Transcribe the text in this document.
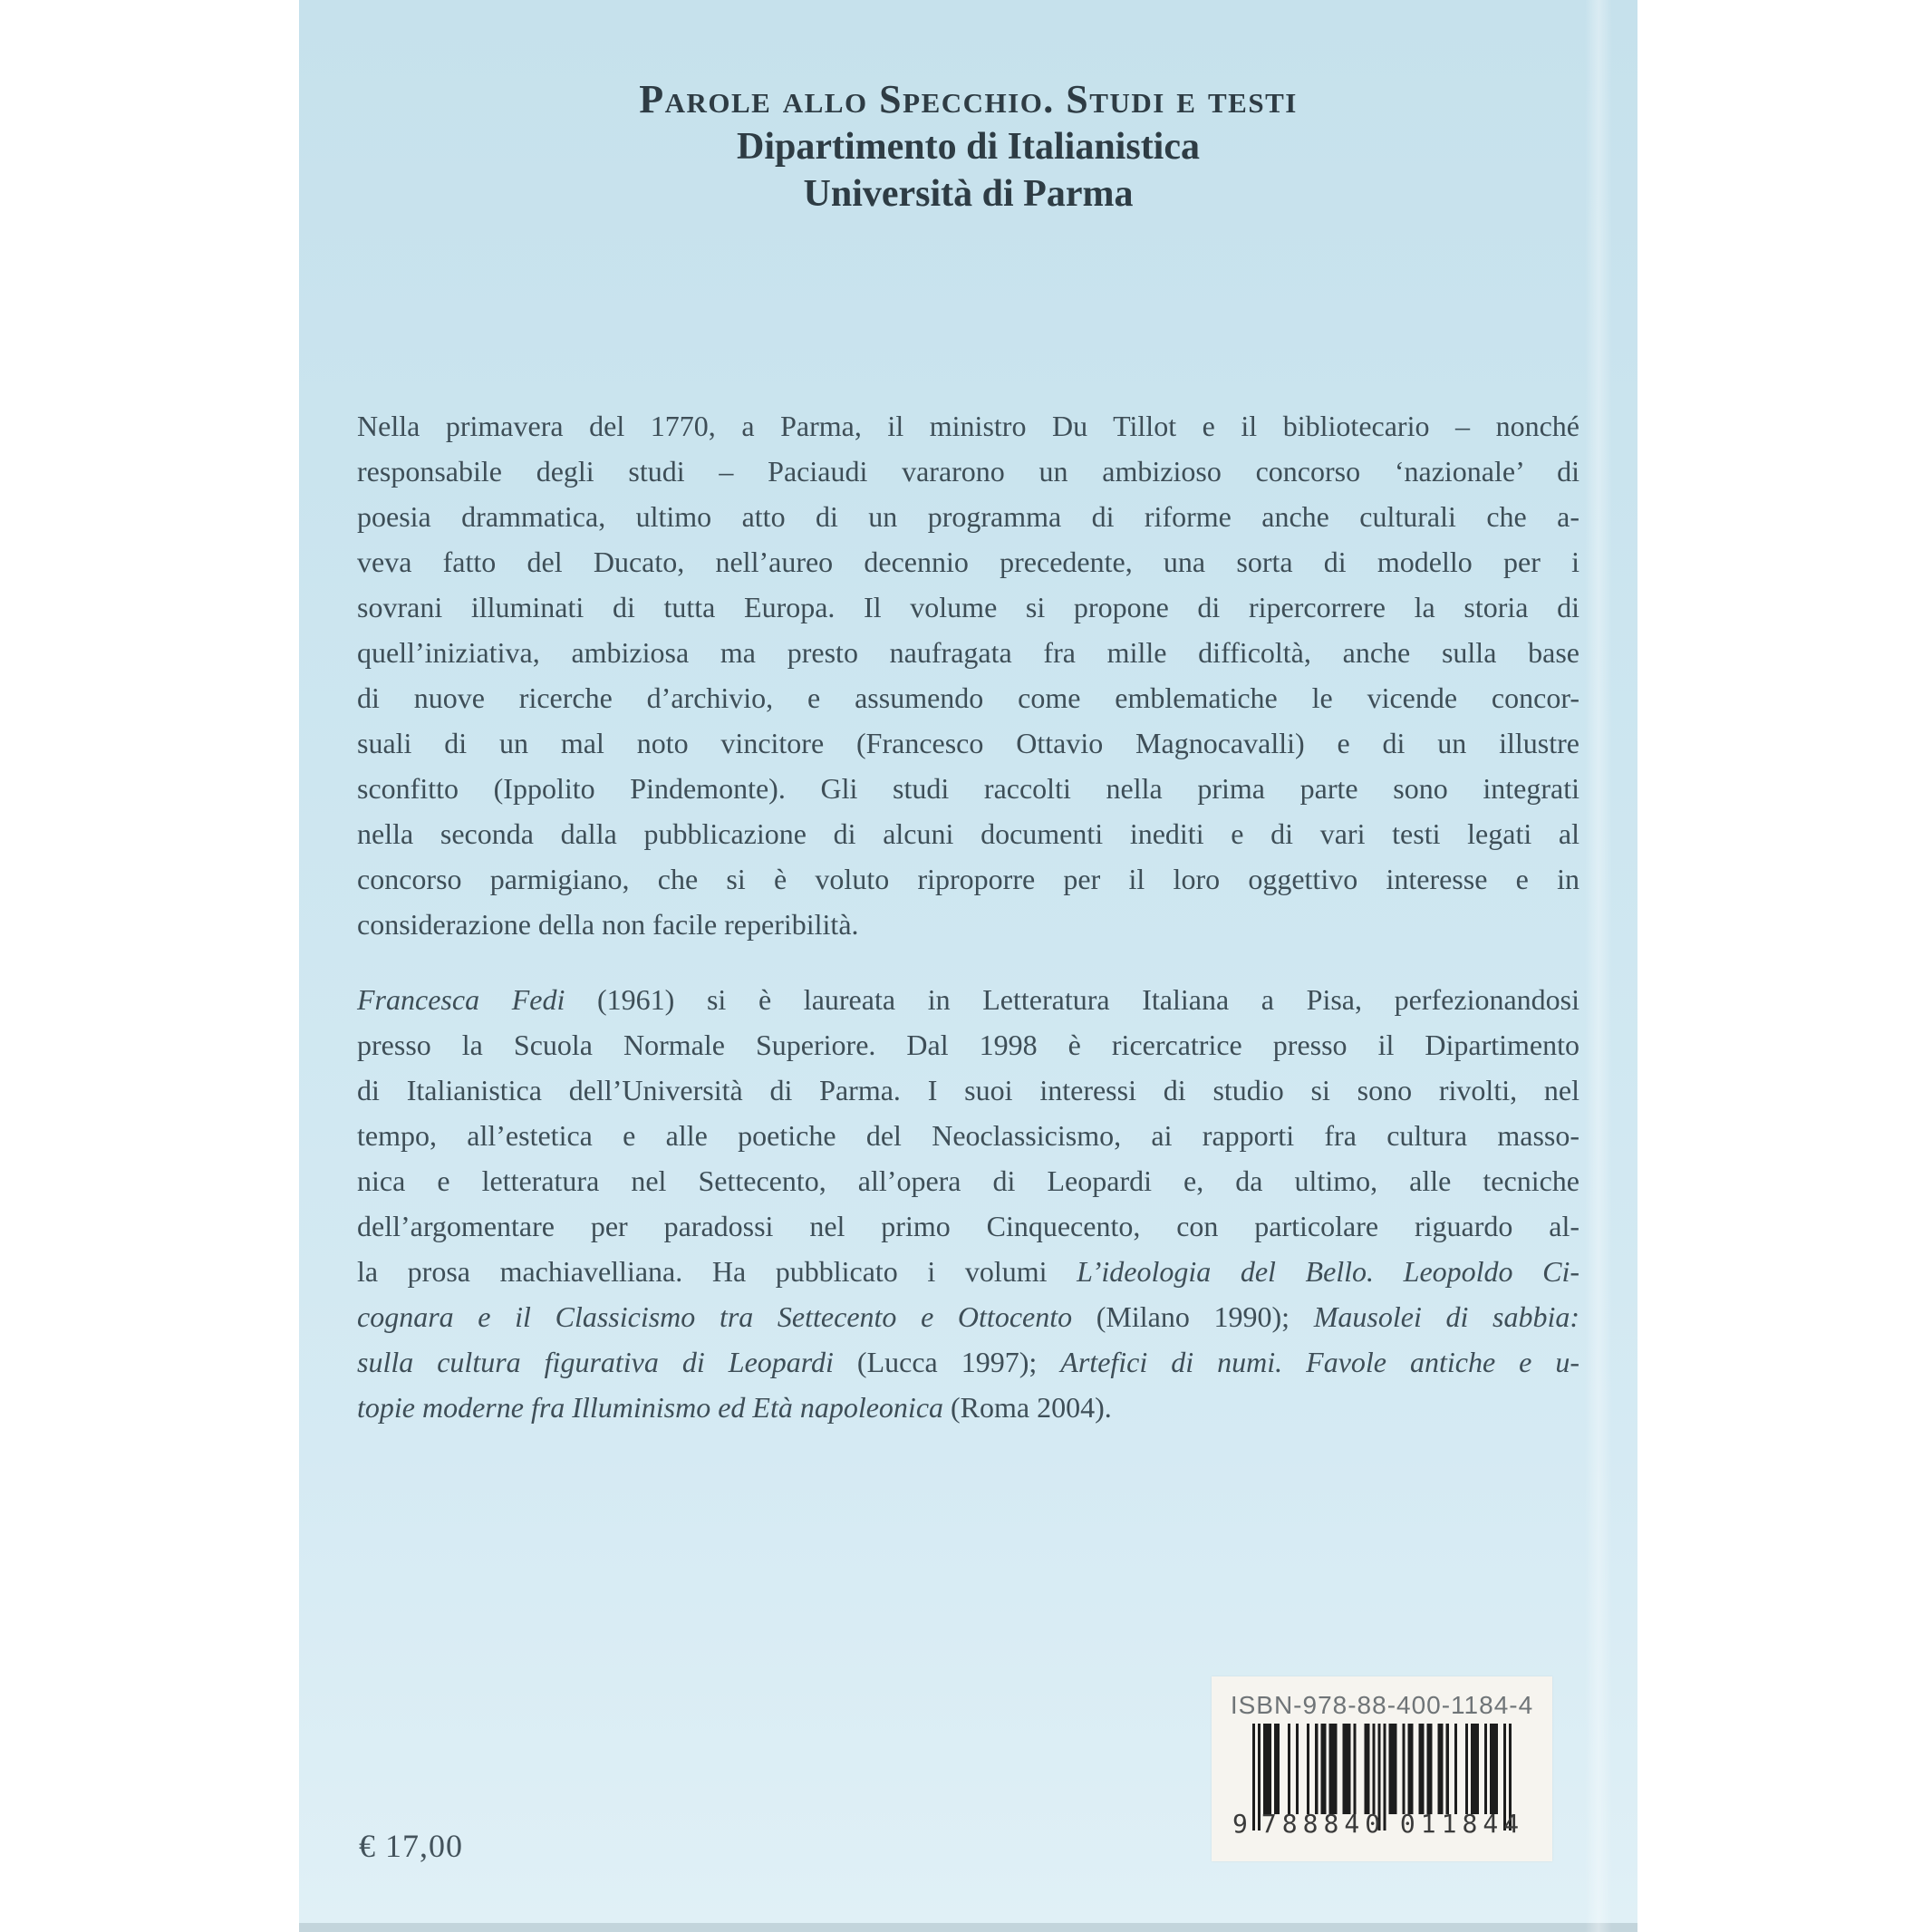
Parole allo Specchio. Studi e testi
Dipartimento di Italianistica
Università di Parma
Nella primavera del 1770, a Parma, il ministro Du Tillot e il bibliotecario – nonché
responsabile degli studi – Paciaudi vararono un ambizioso concorso ‘nazionale’ di
poesia drammatica, ultimo atto di un programma di riforme anche culturali che a-
veva fatto del Ducato, nell’aureo decennio precedente, una sorta di modello per i
sovrani illuminati di tutta Europa. Il volume si propone di ripercorrere la storia di
quell’iniziativa, ambiziosa ma presto naufragata fra mille difficoltà, anche sulla base
di nuove ricerche d’archivio, e assumendo come emblematiche le vicende concor-
suali di un mal noto vincitore (Francesco Ottavio Magnocavalli) e di un illustre
sconfitto (Ippolito Pindemonte). Gli studi raccolti nella prima parte sono integrati
nella seconda dalla pubblicazione di alcuni documenti inediti e di vari testi legati al
concorso parmigiano, che si è voluto riproporre per il loro oggettivo interesse e in
considerazione della non facile reperibilità.
Francesca Fedi (1961) si è laureata in Letteratura Italiana a Pisa, perfezionandosi
presso la Scuola Normale Superiore. Dal 1998 è ricercatrice presso il Dipartimento
di Italianistica dell’Università di Parma. I suoi interessi di studio si sono rivolti, nel
tempo, all’estetica e alle poetiche del Neoclassicismo, ai rapporti fra cultura masso-
nica e letteratura nel Settecento, all’opera di Leopardi e, da ultimo, alle tecniche
dell’argomentare per paradossi nel primo Cinquecento, con particolare riguardo al-
la prosa machiavelliana. Ha pubblicato i volumi L’ideologia del Bello. Leopoldo Ci-
cognara e il Classicismo tra Settecento e Ottocento (Milano 1990); Mausolei di sabbia:
sulla cultura figurativa di Leopardi (Lucca 1997); Artefici di numi. Favole antiche e u-
topie moderne fra Illuminismo ed Età napoleonica (Roma 2004).
€ 17,00
ISBN-978-88-400-1184-4
9 788840 011844
